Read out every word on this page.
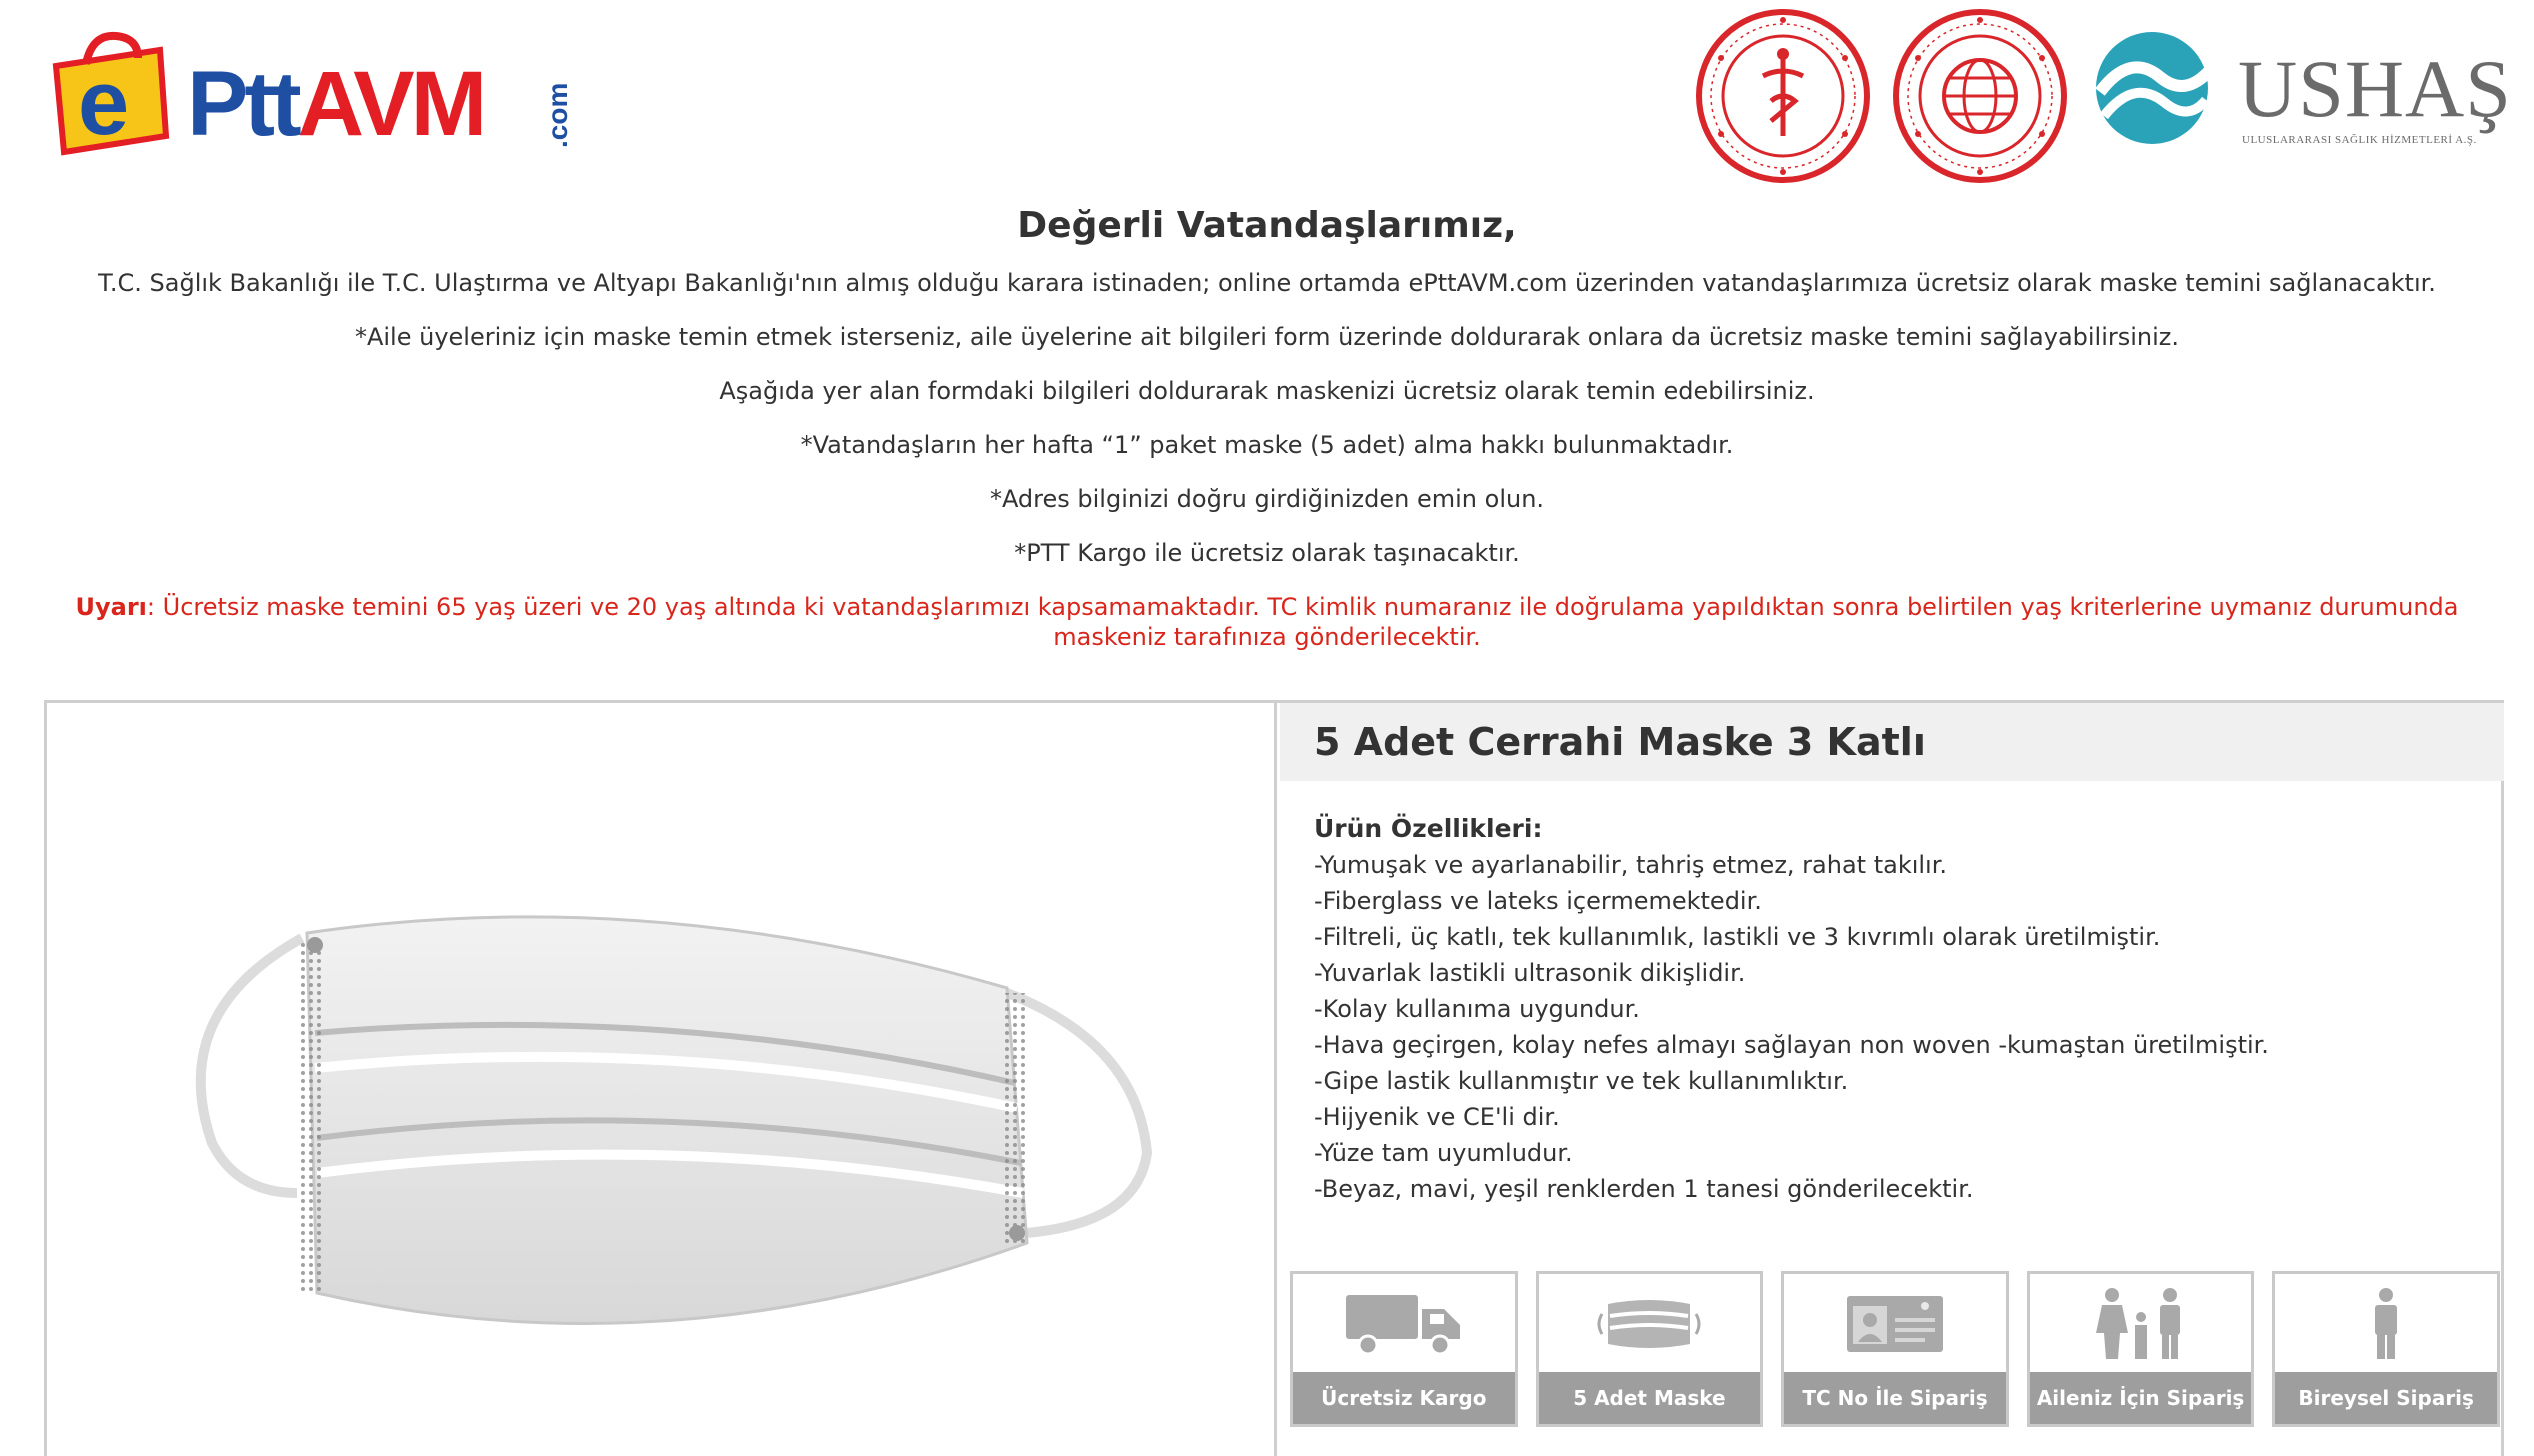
e PttAVM .com	USHAŞ
ULUSLARARASI SAĞLIK HİZMETLERİ A.Ş.
Değerli Vatandaşlarımız,

T.C. Sağlık Bakanlığı ile T.C. Ulaştırma ve Altyapı Bakanlığı'nın almış olduğu karara istinaden; online ortamda ePttAVM.com üzerinden vatandaşlarımıza ücretsiz olarak maske temini sağlanacaktır.

*Aile üyeleriniz için maske temin etmek isterseniz, aile üyelerine ait bilgileri form üzerinde doldurarak onlara da ücretsiz maske temini sağlayabilirsiniz.

Aşağıda yer alan formdaki bilgileri doldurarak maskenizi ücretsiz olarak temin edebilirsiniz.

*Vatandaşların her hafta “1” paket maske (5 adet) alma hakkı bulunmaktadır.

*Adres bilginizi doğru girdiğinizden emin olun.

*PTT Kargo ile ücretsiz olarak taşınacaktır.

Uyarı: Ücretsiz maske temini 65 yaş üzeri ve 20 yaş altında ki vatandaşlarımızı kapsamamaktadır. TC kimlik numaranız ile doğrulama yapıldıktan sonra belirtilen yaş kriterlerine uymanız durumunda maskeniz tarafınıza gönderilecektir.

5 Adet Cerrahi Maske 3 Katlı
Ürün Özellikleri:
-Yumuşak ve ayarlanabilir, tahriş etmez, rahat takılır.
-Fiberglass ve lateks içermemektedir.
-Filtreli, üç katlı, tek kullanımlık, lastikli ve 3 kıvrımlı olarak üretilmiştir.
-Yuvarlak lastikli ultrasonik dikişlidir.
-Kolay kullanıma uygundur.
-Hava geçirgen, kolay nefes almayı sağlayan non woven -kumaştan üretilmiştir.
-Gipe lastik kullanmıştır ve tek kullanımlıktır.
-Hijyenik ve CE'li dir.
-Yüze tam uyumludur.
-Beyaz, mavi, yeşil renklerden 1 tanesi gönderilecektir.
Ücretsiz Kargo	5 Adet Maske	TC No İle Sipariş	Aileniz İçin Sipariş	Bireysel Sipariş
